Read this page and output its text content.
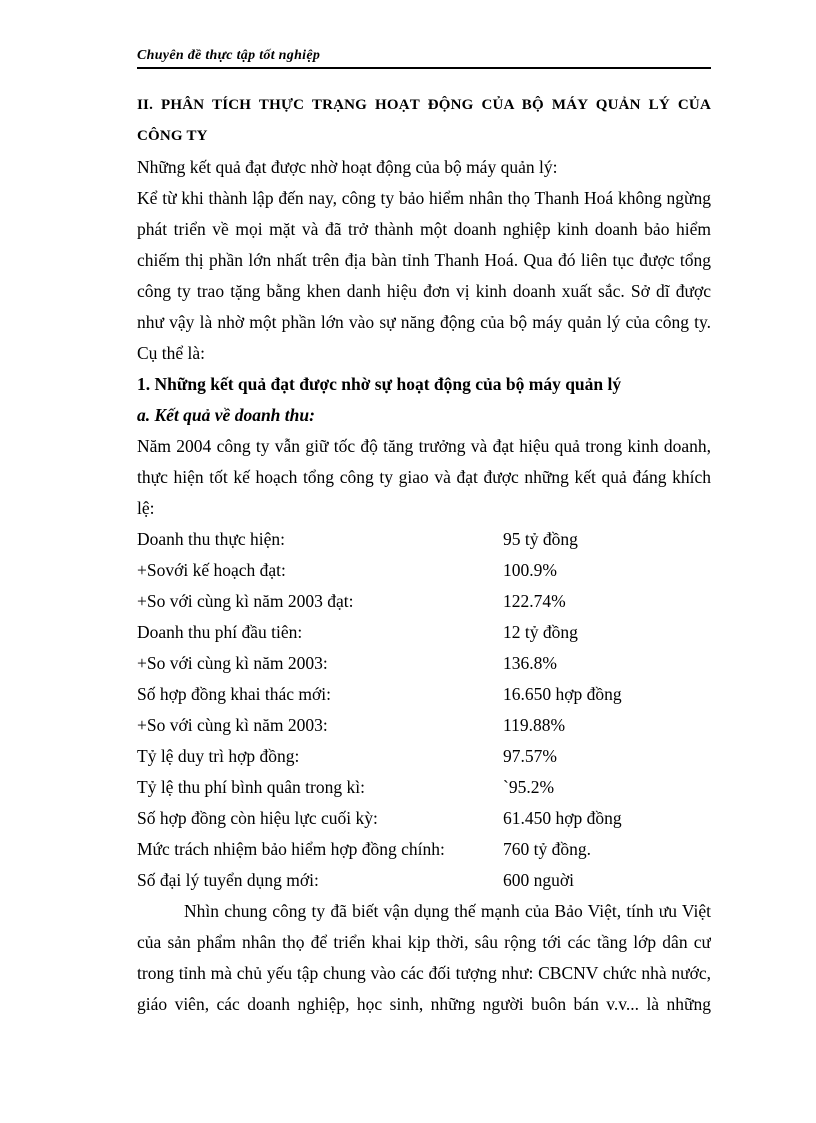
Chuyên đề thực tập tốt nghiệp
II. PHÂN TÍCH THỰC TRẠNG HOẠT ĐỘNG CỦA BỘ MÁY QUẢN LÝ CỦA
CÔNG TY
Những kết quả đạt được nhờ hoạt động của bộ máy quản lý:
Kể từ khi thành lập đến nay, công ty bảo hiểm nhân thọ Thanh Hoá không ngừng
phát triển về mọi mặt và đã trở thành một doanh nghiệp kinh doanh bảo hiểm
chiếm thị phần lớn nhất trên địa bàn tỉnh Thanh Hoá. Qua đó liên tục được tổng
công ty trao tặng bằng khen danh hiệu đơn vị kinh doanh xuất sắc. Sở dĩ được
như vậy là nhờ một phần lớn vào sự năng động của bộ máy quản lý của công ty.
Cụ thể là:
1. Những kết quả đạt được nhờ sự hoạt động của bộ máy quản lý
a. Kết quả về doanh thu:
Năm 2004 công ty vẫn giữ tốc độ tăng trưởng và đạt hiệu quả trong kinh doanh,
thực hiện tốt kế hoạch tổng công ty giao và đạt được những kết quả đáng khích
lệ:
Doanh thu thực hiện:	95 tỷ đồng
+Sovới kế hoạch đạt:	100.9%
+So với cùng kì năm 2003 đạt:	122.74%
Doanh thu phí đầu tiên:	12 tỷ đồng
+So với cùng kì năm 2003:	136.8%
Số hợp đồng khai thác mới:	16.650 hợp đồng
+So với cùng kì năm 2003:	119.88%
Tỷ lệ duy trì hợp đồng:	97.57%
Tỷ lệ thu phí bình quân trong kì:	`95.2%
Số hợp đồng còn hiệu lực cuối kỳ:	61.450 hợp đồng
Mức trách nhiệm bảo hiểm hợp đồng chính:	760 tỷ đồng.
Số đại lý tuyển dụng mới:	600 nguời
Nhìn chung công ty đã biết vận dụng thế mạnh của Bảo Việt, tính ưu Việt
của sản phẩm nhân thọ để triển khai kịp thời, sâu rộng tới các tầng lớp dân cư
trong tỉnh mà chủ yếu tập chung vào các đối tượng như: CBCNV chức nhà nước,
giáo viên, các doanh nghiệp, học sinh, những người buôn bán v.v... là những
